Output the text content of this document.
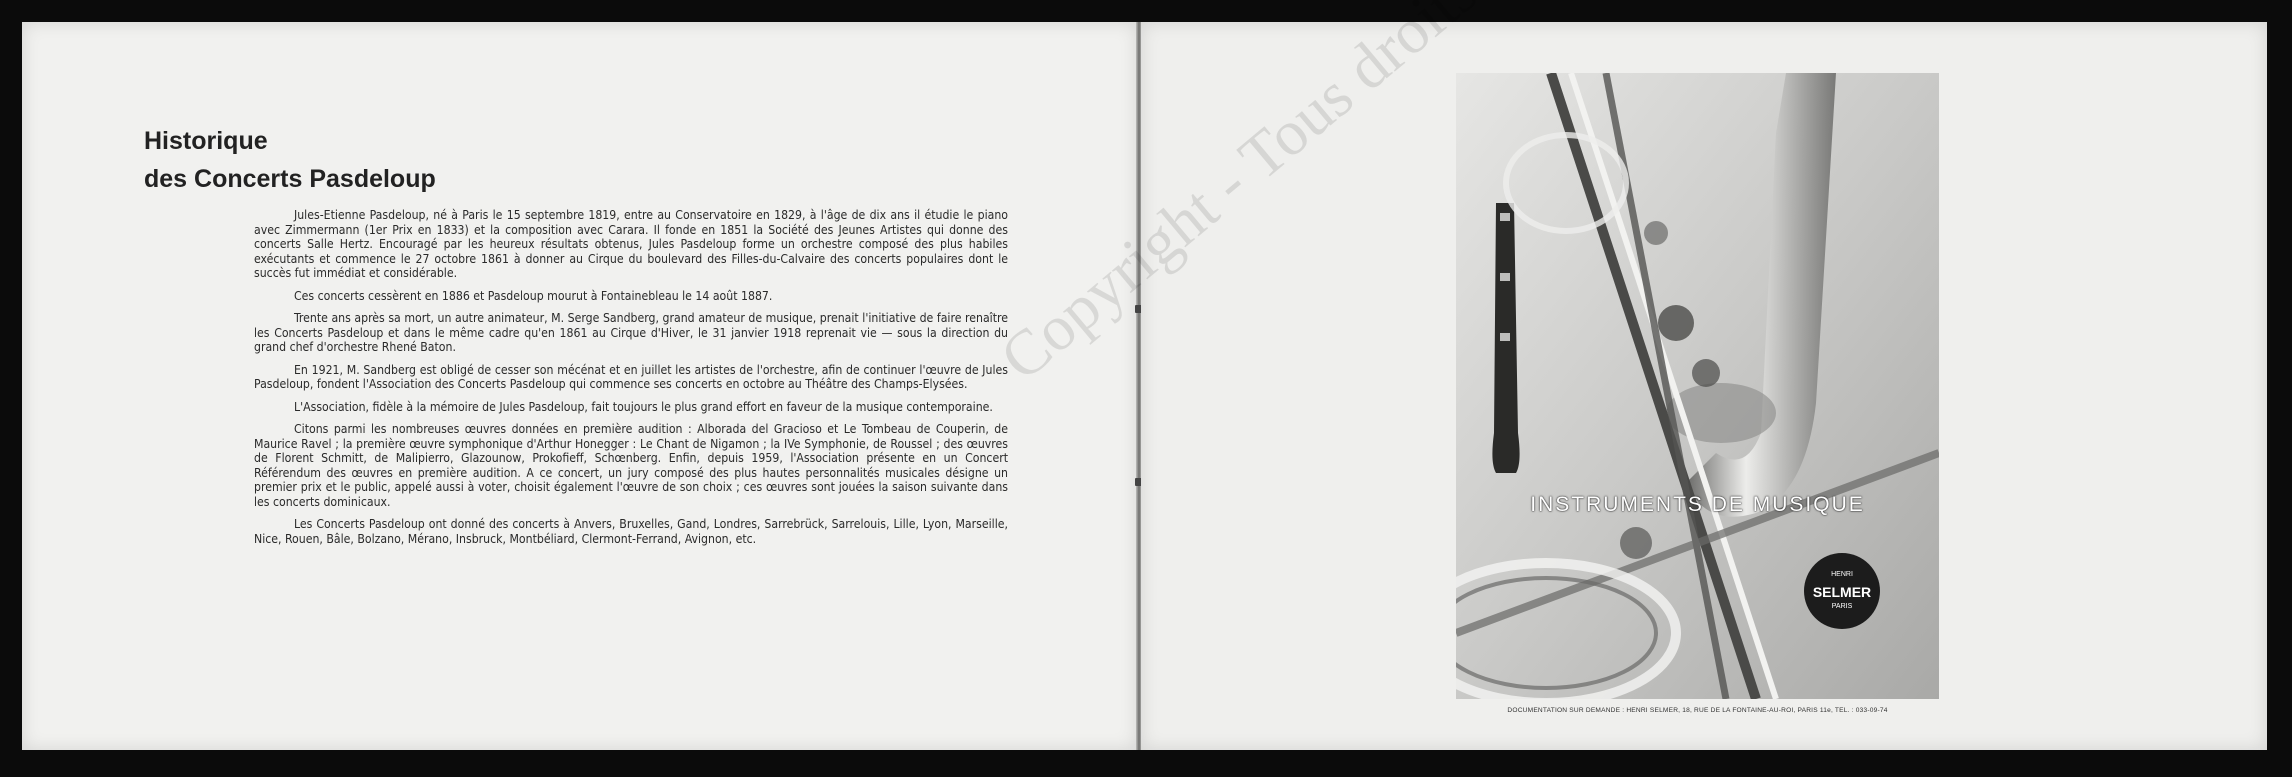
Historique
des Concerts Pasdeloup

Jules-Etienne Pasdeloup, né à Paris le 15 septembre 1819, entre au Conservatoire en 1829, à l'âge de dix ans il étudie le piano avec Zimmermann (1er Prix en 1833) et la composition avec Carara. Il fonde en 1851 la Société des Jeunes Artistes qui donne des concerts Salle Hertz. Encouragé par les heureux résultats obtenus, Jules Pasdeloup forme un orchestre composé des plus habiles exécutants et commence le 27 octobre 1861 à donner au Cirque du boulevard des Filles-du-Calvaire des concerts populaires dont le succès fut immédiat et considérable.

Ces concerts cessèrent en 1886 et Pasdeloup mourut à Fontainebleau le 14 août 1887.

Trente ans après sa mort, un autre animateur, M. Serge Sandberg, grand amateur de musique, prenait l'initiative de faire renaître les Concerts Pasdeloup et dans le même cadre qu'en 1861 au Cirque d'Hiver, le 31 janvier 1918 reprenait vie — sous la direction du grand chef d'orchestre Rhené Baton.

En 1921, M. Sandberg est obligé de cesser son mécénat et en juillet les artistes de l'orchestre, afin de continuer l'œuvre de Jules Pasdeloup, fondent l'Association des Concerts Pasdeloup qui commence ses concerts en octobre au Théâtre des Champs-Elysées.

L'Association, fidèle à la mémoire de Jules Pasdeloup, fait toujours le plus grand effort en faveur de la musique contemporaine.

Citons parmi les nombreuses œuvres données en première audition : Alborada del Gracioso et Le Tombeau de Couperin, de Maurice Ravel ; la première œuvre symphonique d'Arthur Honegger : Le Chant de Nigamon ; la IVe Symphonie, de Roussel ; des œuvres de Florent Schmitt, de Malipierro, Glazounow, Prokofieff, Schœnberg. Enfin, depuis 1959, l'Association présente en un Concert Référendum des œuvres en première audition. A ce concert, un jury composé des plus hautes personnalités musicales désigne un premier prix et le public, appelé aussi à voter, choisit également l'œuvre de son choix ; ces œuvres sont jouées la saison suivante dans les concerts dominicaux.

Les Concerts Pasdeloup ont donné des concerts à Anvers, Bruxelles, Gand, Londres, Sarrebrück, Sarrelouis, Lille, Lyon, Marseille, Nice, Rouen, Bâle, Bolzano, Mérano, Insbruck, Montbéliard, Clermont-Ferrand, Avignon, etc.

INSTRUMENTS DE MUSIQUE
HENRI
SELMER
PARIS
DOCUMENTATION SUR DEMANDE : HENRI SELMER, 18, RUE DE LA FONTAINE-AU-ROI, PARIS 11e, TEL. : 033-09-74
Copyright - Tous droits
